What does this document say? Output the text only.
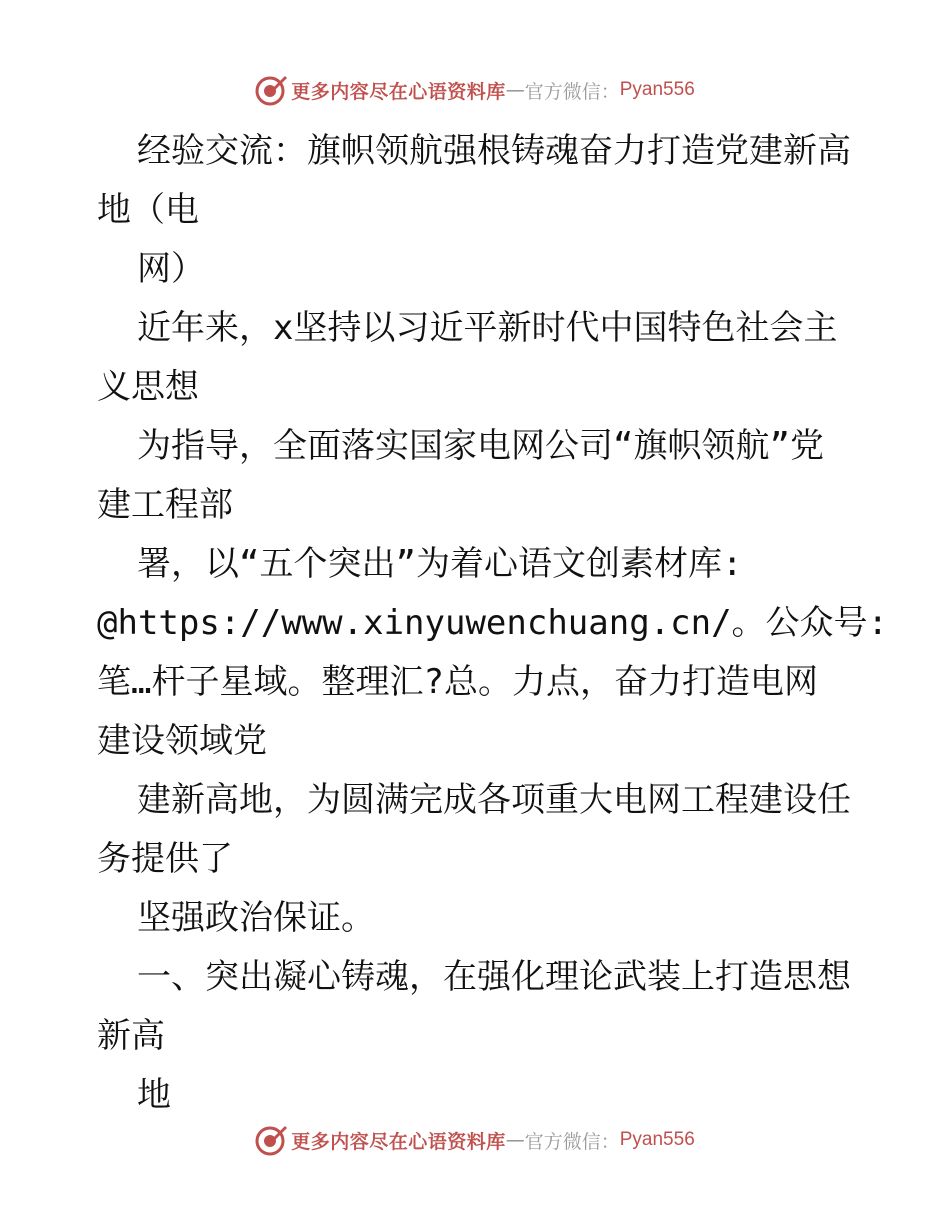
更多内容尽在心语资料库 — 官方微信： Pyan556
经验交流：旗帜领航强根铸魂奋力打造党建新高
地（电
网）
近年来，x坚持以习近平新时代中国特色社会主
义思想
为指导，全面落实国家电网公司“旗帜领航”党
建工程部
署，以“五个突出”为着心语文创素材库:
@https://www.xinyuwenchuang.cn/。公众号:
笔…杆子星域。整理汇?总。力点，奋力打造电网
建设领域党
建新高地，为圆满完成各项重大电网工程建设任
务提供了
坚强政治保证。
一、突出凝心铸魂，在强化理论武装上打造思想
新高
地
更多内容尽在心语资料库 — 官方微信： Pyan556
